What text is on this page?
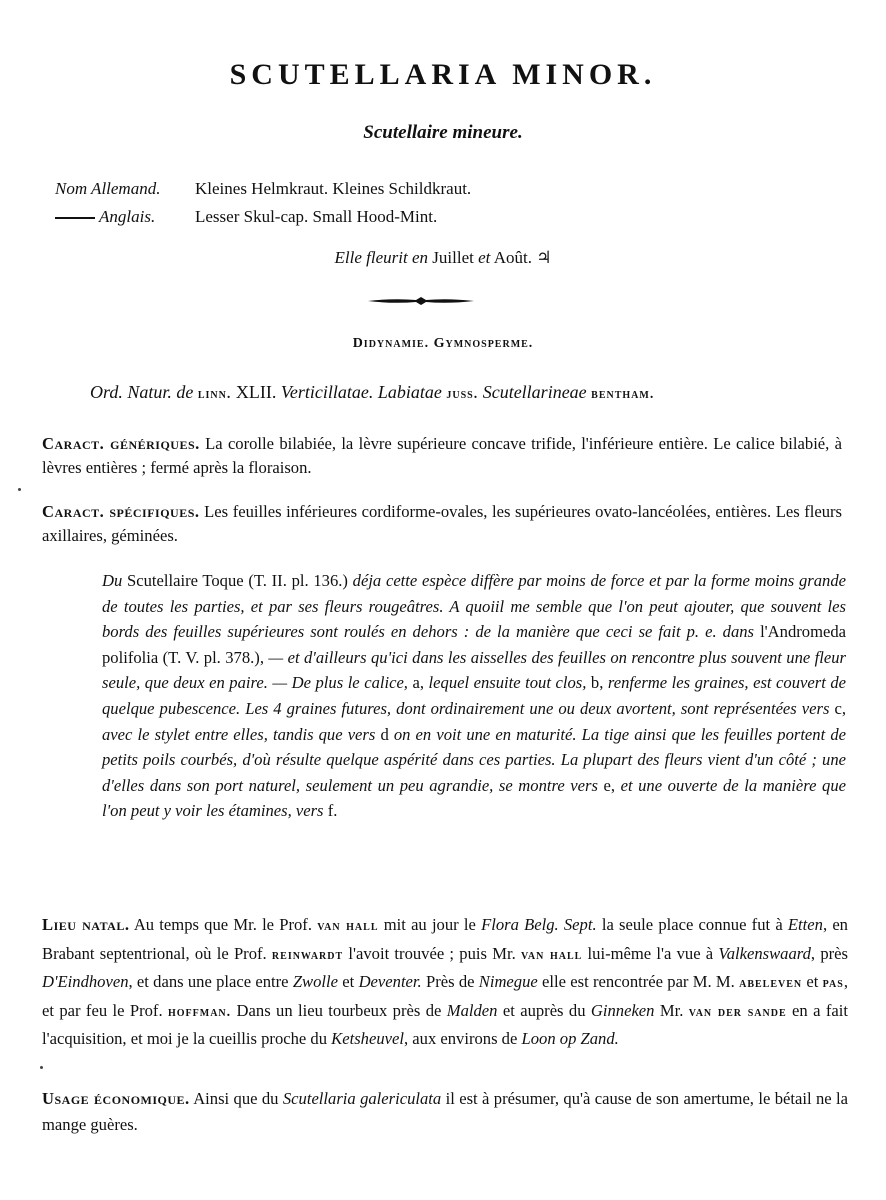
SCUTELLARIA MINOR.
Scutellaire mineure.
Nom Allemand. Kleines Helmkraut. Kleines Schildkraut.
Anglais. Lesser Skul-cap. Small Hood-Mint.
Elle fleurit en Juillet et Août. ♃
Didynamie. Gymnosperme.
Ord. Natur. de linn. XLII. Verticillatae. Labiatae juss. Scutellarineae bentham.
Caract. génériques. La corolle bilabiée, la lèvre supérieure concave trifide, l'inférieure entière. Le calice bilabié, à lèvres entières ; fermé après la floraison.
Caract. spécifiques. Les feuilles inférieures cordiforme-ovales, les supérieures ovato-lancéolées, entières. Les fleurs axillaires, géminées.
Du Scutellaire Toque (T. II. pl. 136.) déja cette espèce diffère par moins de force et par la forme moins grande de toutes les parties, et par ses fleurs rougeâtres. A quoiil me semble que l'on peut ajouter, que souvent les bords des feuilles supérieures sont roulés en dehors : de la manière que ceci se fait p. e. dans l'Andromeda polifolia (T. V. pl. 378.), — et d'ailleurs qu'ici dans les aisselles des feuilles on rencontre plus souvent une fleur seule, que deux en paire. — De plus le calice, a, lequel ensuite tout clos, b, renferme les graines, est couvert de quelque pubescence. Les 4 graines futures, dont ordinairement une ou deux avortent, sont représentées vers c, avec le stylet entre elles, tandis que vers d on en voit une en maturité. La tige ainsi que les feuilles portent de petits poils courbés, d'où résulte quelque aspérité dans ces parties. La plupart des fleurs vient d'un côté ; une d'elles dans son port naturel, seulement un peu agrandie, se montre vers e, et une ouverte de la manière que l'on peut y voir les étamines, vers f.
Lieu natal. Au temps que Mr. le Prof. van hall mit au jour le Flora Belg. Sept. la seule place connue fut à Etten, en Brabant septentrional, où le Prof. reinwardt l'avoit trouvée ; puis Mr. van hall lui-même l'a vue à Valkenswaard, près D'Eindhoven, et dans une place entre Zwolle et Deventer. Près de Nimegue elle est rencontrée par M. M. abeleven et pas, et par feu le Prof. hoffman. Dans un lieu tourbeux près de Malden et auprès du Ginneken Mr. van der sande en a fait l'acquisition, et moi je la cueillis proche du Ketsheuvel, aux environs de Loon op Zand.
Usage économique. Ainsi que du Scutellaria galericulata il est à présumer, qu'à cause de son amertume, le bétail ne la mange guères.
